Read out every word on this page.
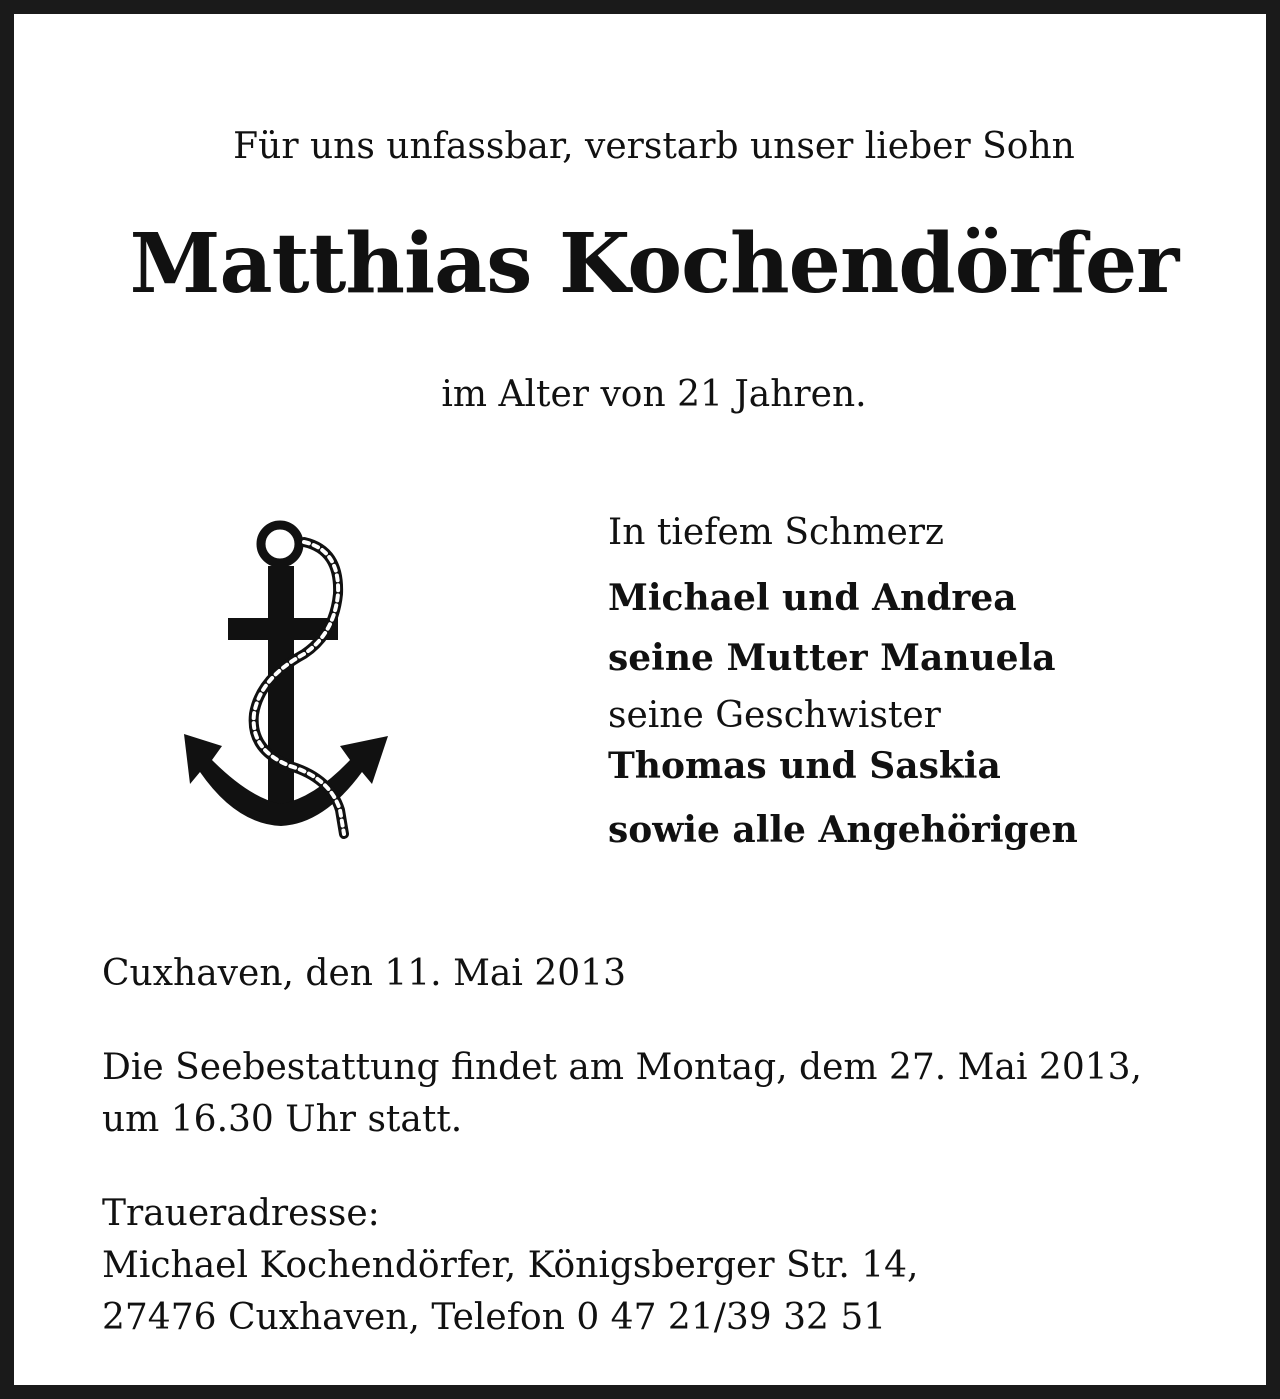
Für uns unfassbar, verstarb unser lieber Sohn
Matthias Kochendörfer
im Alter von 21 Jahren.
In tiefem Schmerz
Michael und Andrea
seine Mutter Manuela
seine Geschwister
Thomas und Saskia
sowie alle Angehörigen
Cuxhaven, den 11. Mai 2013
Die Seebestattung findet am Montag, dem 27. Mai 2013,
um 16.30 Uhr statt.
Traueradresse:
Michael Kochendörfer, Königsberger Str. 14,
27476 Cuxhaven, Telefon 0 47 21/39 32 51
